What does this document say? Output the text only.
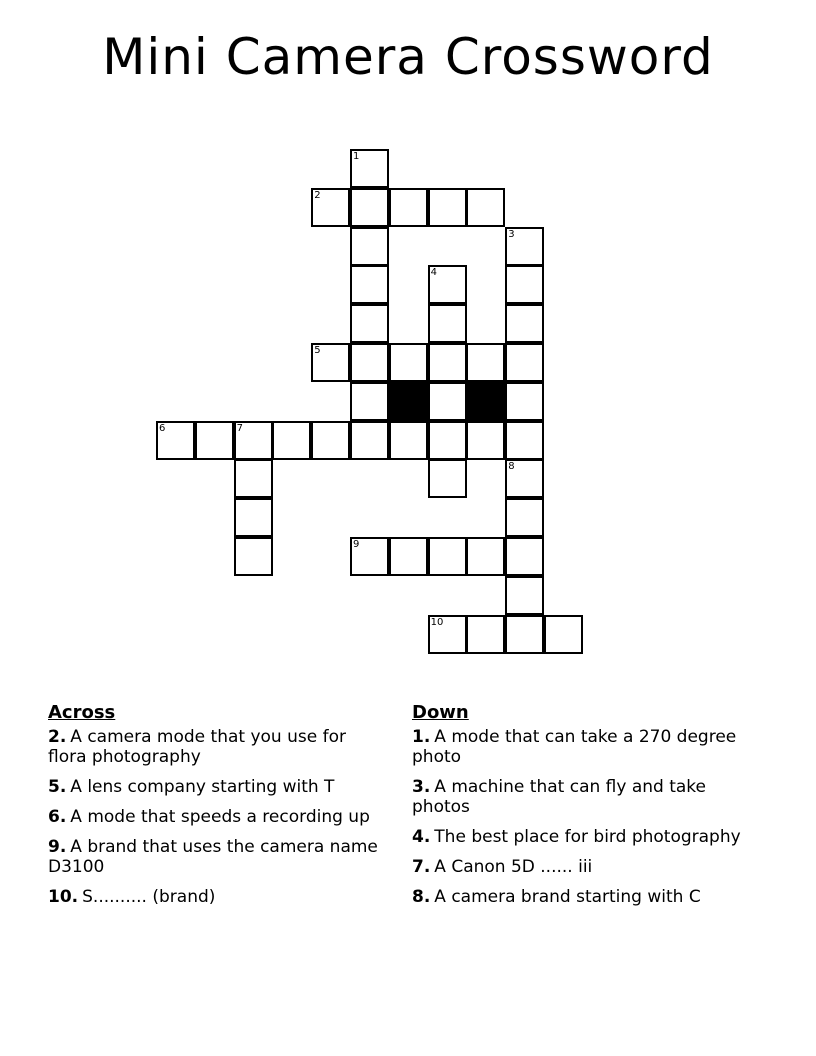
Mini Camera Crossword
2
5
6	7
9
10
1
3
4
8
Across
2. A camera mode that you use for flora photography
5. A lens company starting with T
6. A mode that speeds a recording up
9. A brand that uses the camera name D3100
10. S.......... (brand)
Down
1. A mode that can take a 270 degree photo
3. A machine that can fly and take photos
4. The best place for bird photography
7. A Canon 5D ...... iii
8. A camera brand starting with C
